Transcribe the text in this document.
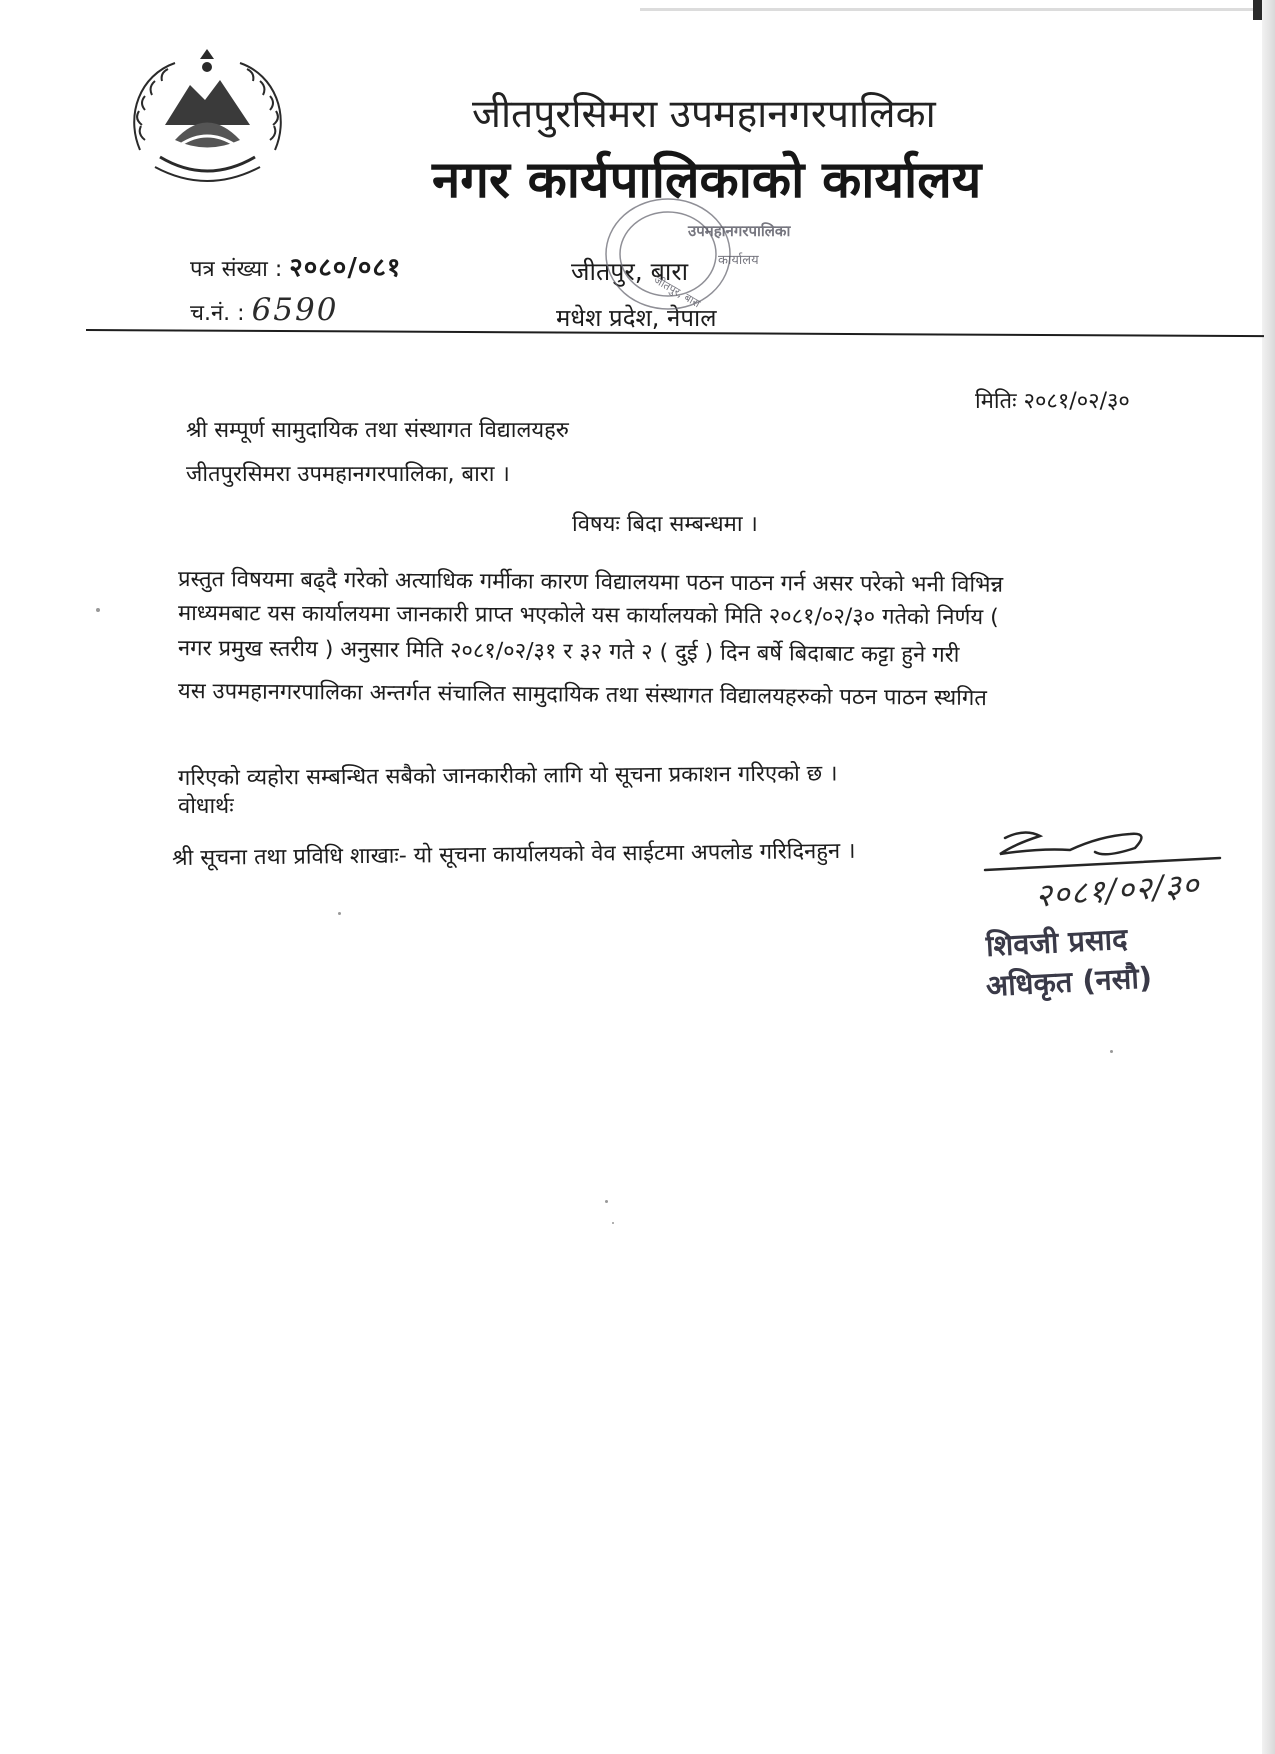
जीतपुरसिमरा उपमहानगरपालिका
नगर कार्यपालिकाको कार्यालय
पत्र संख्या : २०८०/०८१
च.नं. : 6590
जीतपुर, बारा
मधेश प्रदेश, नेपाल
उपमहानगरपालिका
कार्यालय
जीतपुर, बारा
मितिः २०८१/०२/३०
श्री सम्पूर्ण सामुदायिक तथा संस्थागत विद्यालयहरु
जीतपुरसिमरा उपमहानगरपालिका, बारा ।
विषयः बिदा सम्बन्धमा ।
प्रस्तुत विषयमा बढ्दै गरेको अत्याधिक गर्मीका कारण विद्यालयमा पठन पाठन गर्न असर परेको भनी विभिन्न
माध्यमबाट यस कार्यालयमा जानकारी प्राप्त भएकोले यस कार्यालयको मिति २०८१/०२/३० गतेको निर्णय (
नगर प्रमुख स्तरीय ) अनुसार मिति २०८१/०२/३१ र ३२ गते २ ( दुई ) दिन बर्षे बिदाबाट कट्टा हुने गरी
यस उपमहानगरपालिका अन्तर्गत संचालित सामुदायिक तथा संस्थागत विद्यालयहरुको पठन पाठन स्थगित
गरिएको व्यहोरा सम्बन्धित सबैको जानकारीको लागि यो सूचना प्रकाशन गरिएको छ ।
वोधार्थः
श्री सूचना तथा प्रविधि शाखाः- यो सूचना कार्यालयको वेव साईटमा अपलोड गरिदिनहुन ।
२०८१/०२/३०
शिवजी प्रसाद
अधिकृत (नसौ)
